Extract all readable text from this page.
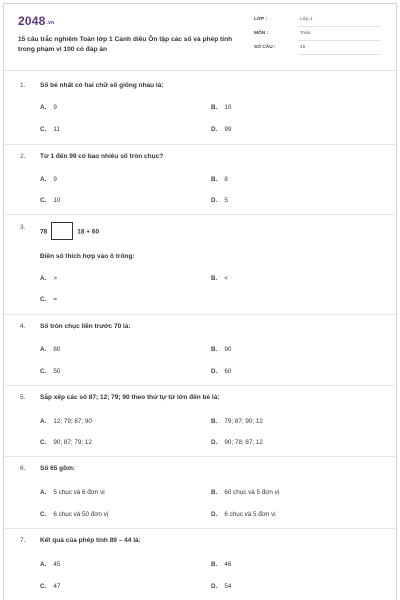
2048.vn
15 câu trắc nghiệm Toán lớp 1 Cánh diều Ôn tập các số và phép tính trong phạm vi 100 có đáp án
LỚP :	Lớp 1
MÔN :	Toán
SỐ CÂU :	15
1. Số bé nhất có hai chữ số giống nhau là:
A. 9	B. 10
C. 11	D. 99
2. Từ 1 đến 99 có bao nhiêu số tròn chục?
A. 9	B. 8
C. 10	D. 5
3.
78	18 + 60
Điền số thích hợp vào ô trống:
A. >	B. <
C. =
4. Số tròn chục liền trước 70 là:
A. 80	B. 90
C. 50	D. 60
5. Sắp xếp các số 87; 12; 79; 90 theo thứ tự từ lớn đến bé là:
A. 12; 79; 87; 90	B. 79; 87; 90; 12
C. 90; 87; 79; 12	D. 90; 78; 87; 12
6. Số 65 gồm:
A. 5 chục và 6 đơn vị	B. 60 chục và 5 đơn vị
C. 6 chục và 50 đơn vị	D. 6 chục và 5 đơn vị
7. Kết quả của phép tính 89 – 44 là:
A. 45	B. 46
C. 47	D. 54
